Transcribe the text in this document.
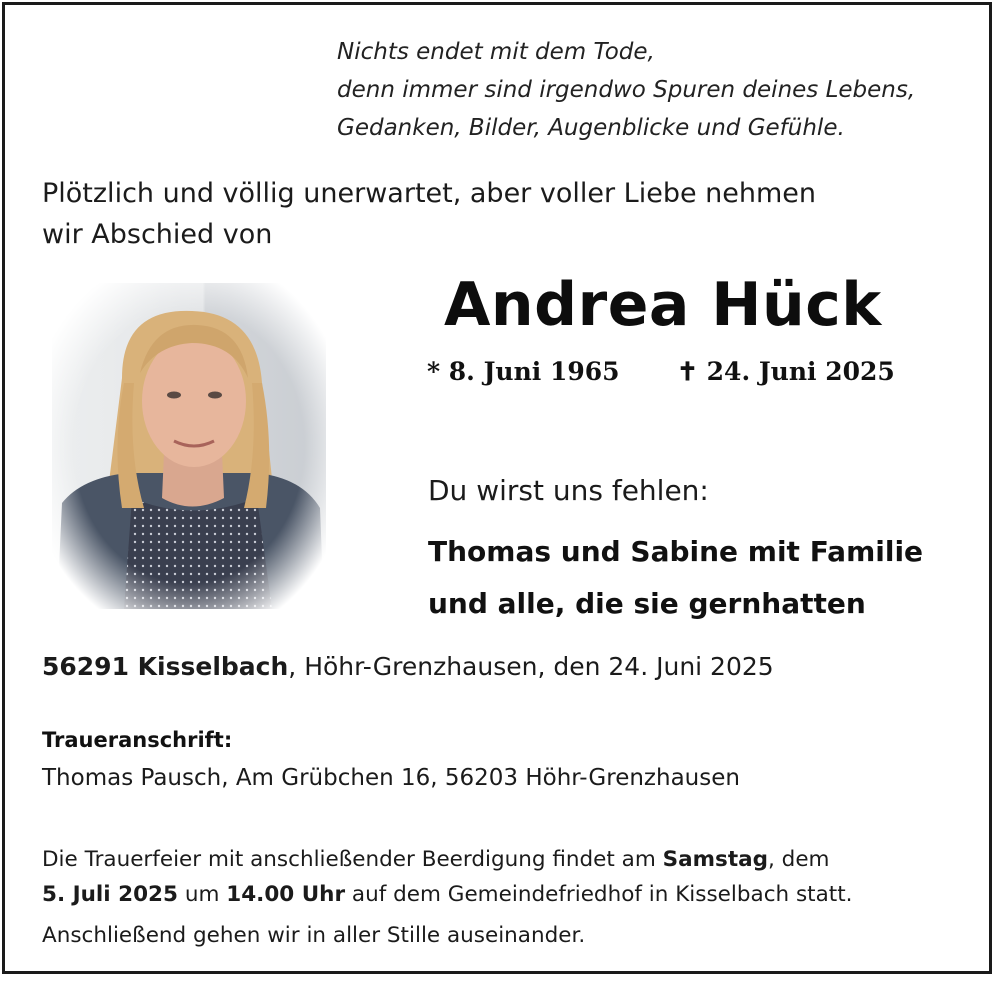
Nichts endet mit dem Tode,
denn immer sind irgendwo Spuren deines Lebens,
Gedanken, Bilder, Augenblicke und Gefühle.
Plötzlich und völlig unerwartet, aber voller Liebe nehmen
wir Abschied von
Andrea Hück
* 8. Juni 1965 ✝ 24. Juni 2025
Du wirst uns fehlen:
Thomas und Sabine mit Familie
und alle, die sie gernhatten
56291 Kisselbach, Höhr-Grenzhausen, den 24. Juni 2025
Traueranschrift:
Thomas Pausch, Am Grübchen 16, 56203 Höhr-Grenzhausen
Die Trauerfeier mit anschließender Beerdigung findet am Samstag, dem
5. Juli 2025 um 14.00 Uhr auf dem Gemeindefriedhof in Kisselbach statt.
Anschließend gehen wir in aller Stille auseinander.
